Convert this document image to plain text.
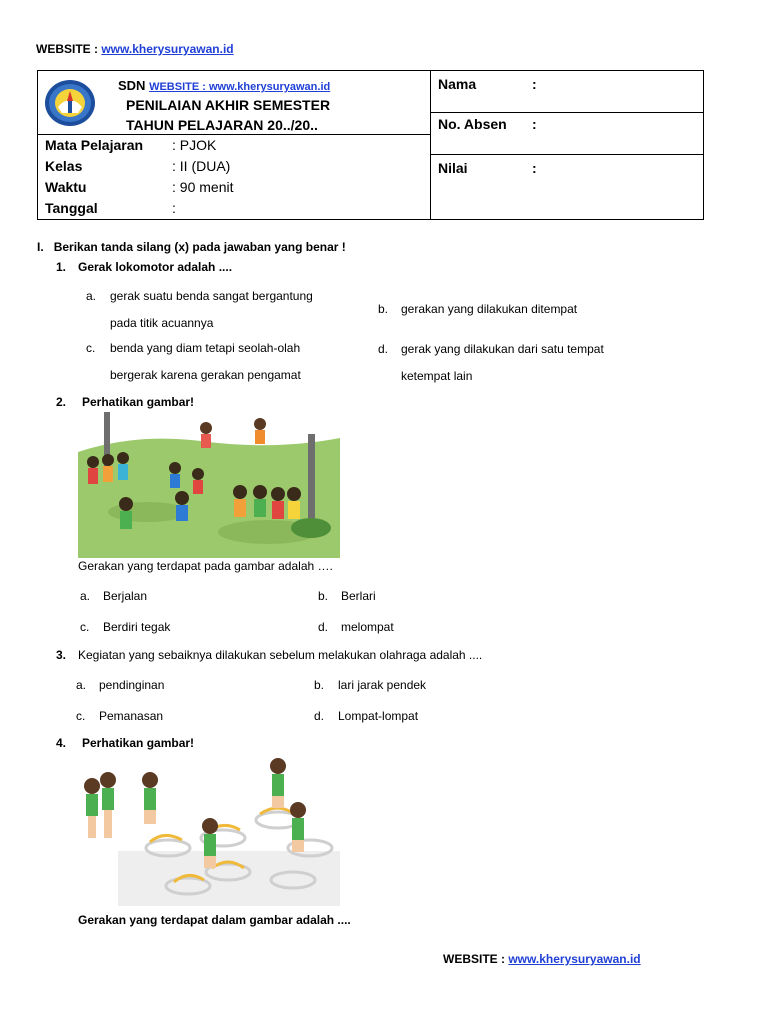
WEBSITE : www.kherysuryawan.id
SDN WEBSITE : www.kherysuryawan.id
PENILAIAN AKHIR SEMESTER
TAHUN PELAJARAN 20../20..
Mata Pelajaran : PJOK
Kelas	: II (DUA)
Waktu	: 90 menit
Tanggal	:
Nama	:
No. Absen :
Nilai	:
I. Berikan tanda silang (x) pada jawaban yang benar !
1. Gerak lokomotor adalah ....
a. gerak suatu benda sangat bergantung
pada titik acuannya
b. gerakan yang dilakukan ditempat
c. benda yang diam tetapi seolah-olah
bergerak karena gerakan pengamat
d. gerak yang dilakukan dari satu tempat
ketempat lain
2. Perhatikan gambar!
Gerakan yang terdapat pada gambar adalah ….
a. Berjalan	b. Berlari
c. Berdiri tegak	d. melompat
3. Kegiatan yang sebaiknya dilakukan sebelum melakukan olahraga adalah ....
a. pendinginan	b. lari jarak pendek
c. Pemanasan	d. Lompat-lompat
4. Perhatikan gambar!
Gerakan yang terdapat dalam gambar adalah ....
WEBSITE : www.kherysuryawan.id
